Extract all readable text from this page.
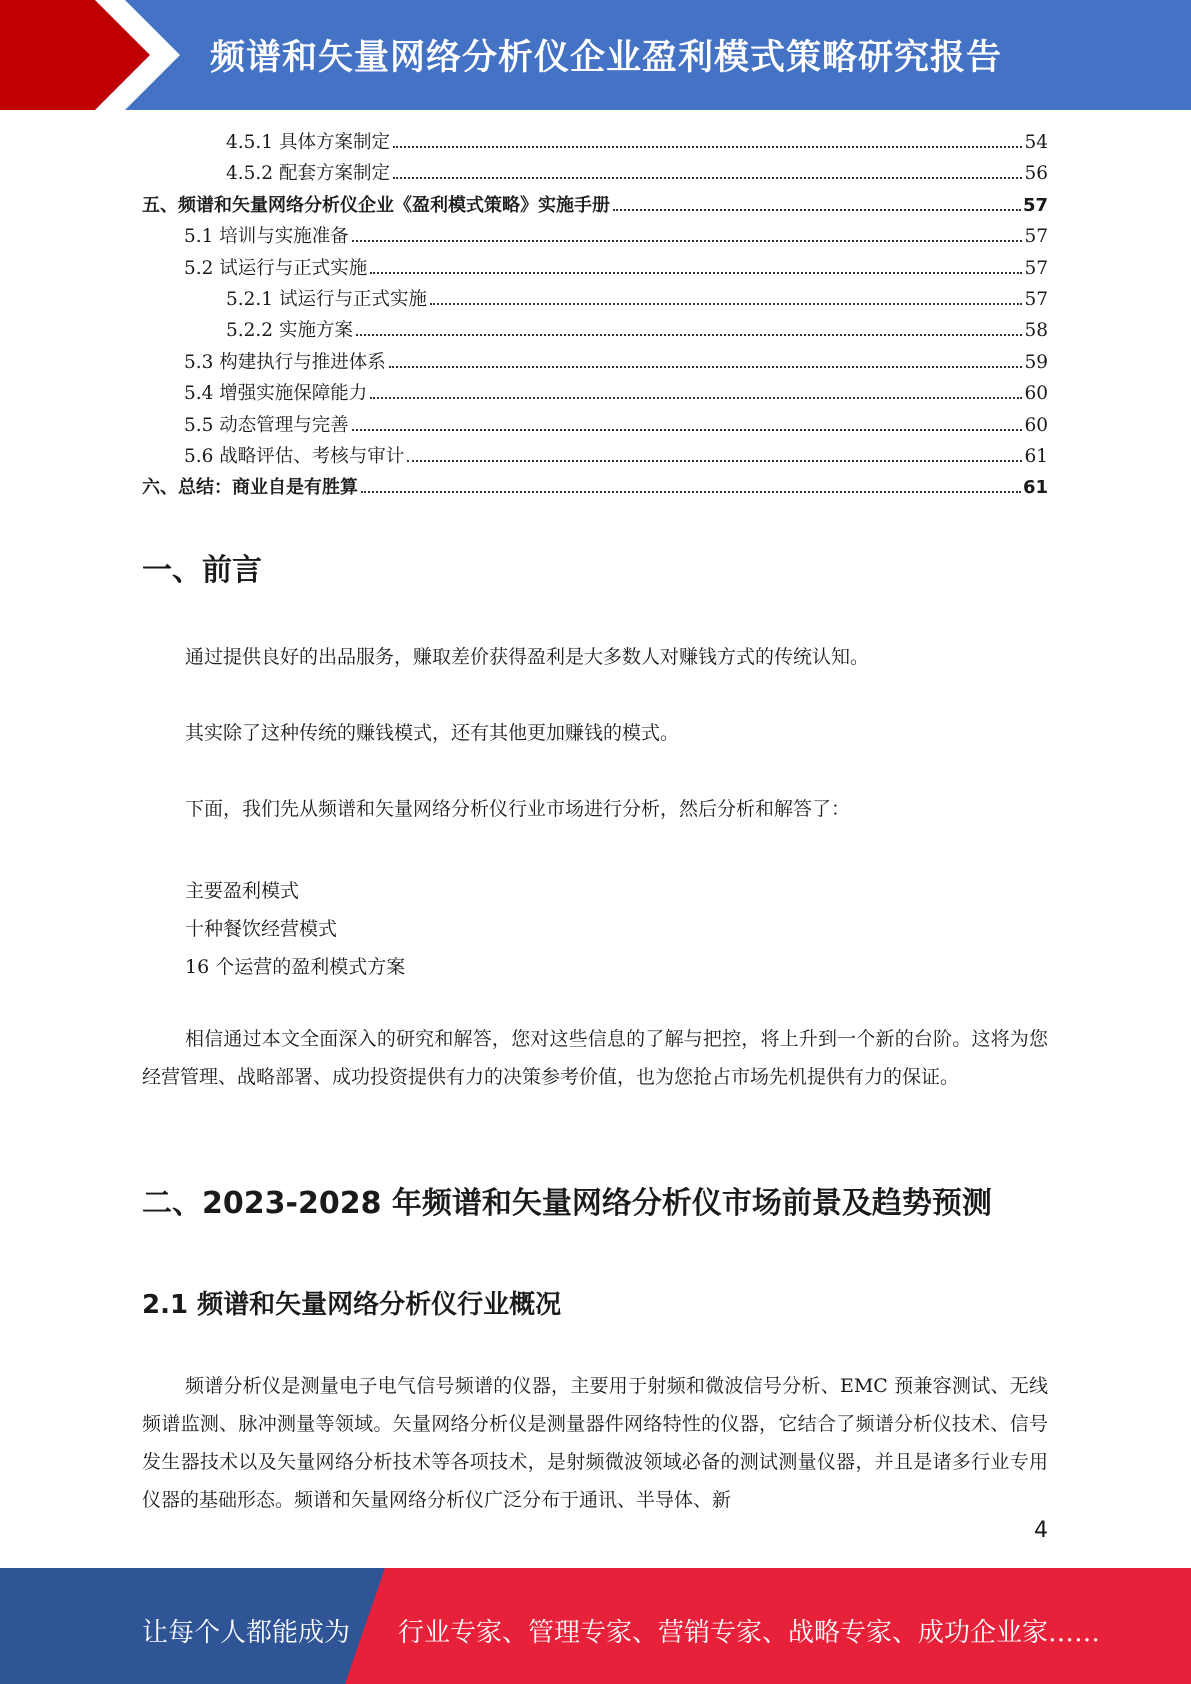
频谱和矢量网络分析仪企业盈利模式策略研究报告
4.5.1 具体方案制定	54
4.5.2 配套方案制定	56
五、频谱和矢量网络分析仪企业《盈利模式策略》实施手册	57
5.1 培训与实施准备	57
5.2 试运行与正式实施	57
5.2.1 试运行与正式实施	57
5.2.2 实施方案	58
5.3 构建执行与推进体系	59
5.4 增强实施保障能力	60
5.5 动态管理与完善	60
5.6 战略评估、考核与审计	61
六、总结：商业自是有胜算	61
一、前言
通过提供良好的出品服务，赚取差价获得盈利是大多数人对赚钱方式的传统认知。
其实除了这种传统的赚钱模式，还有其他更加赚钱的模式。
下面，我们先从频谱和矢量网络分析仪行业市场进行分析，然后分析和解答了：
主要盈利模式
十种餐饮经营模式
16 个运营的盈利模式方案
相信通过本文全面深入的研究和解答，您对这些信息的了解与把控，将上升到一个新的台阶。这将为您经营管理、战略部署、成功投资提供有力的决策参考价值，也为您抢占市场先机提供有力的保证。
二、2023-2028 年频谱和矢量网络分析仪市场前景及趋势预测
2.1 频谱和矢量网络分析仪行业概况
频谱分析仪是测量电子电气信号频谱的仪器，主要用于射频和微波信号分析、EMC 预兼容测试、无线频谱监测、脉冲测量等领域。矢量网络分析仪是测量器件网络特性的仪器，它结合了频谱分析仪技术、信号发生器技术以及矢量网络分析技术等各项技术，是射频微波领域必备的测试测量仪器，并且是诸多行业专用仪器的基础形态。频谱和矢量网络分析仪广泛分布于通讯、半导体、新
4
让每个人都能成为 行业专家、管理专家、营销专家、战略专家、成功企业家……
